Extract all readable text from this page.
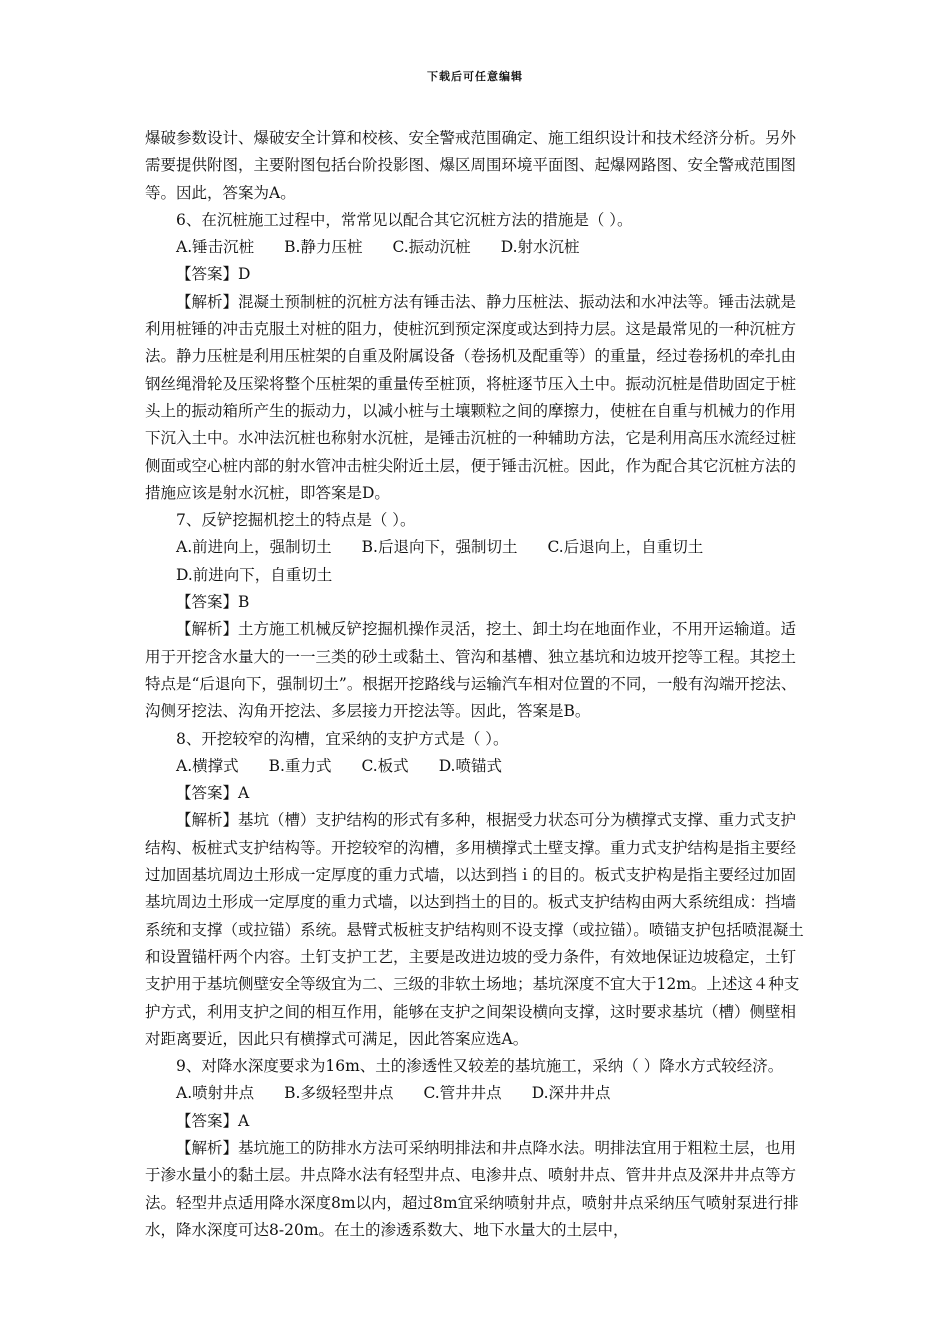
下载后可任意编辑

爆破参数设计、爆破安全计算和校核、安全警戒范围确定、施工组织设计和技术经济分析。另外需要提供附图，主要附图包括台阶投影图、爆区周围环境平面图、起爆网路图、安全警戒范围图等。因此，答案为A。

6、在沉桩施工过程中，常常见以配合其它沉桩方法的措施是（ ）。

A.锤击沉桩 B.静力压桩 C.振动沉桩 D.射水沉桩

【答案】D

【解析】混凝土预制桩的沉桩方法有锤击法、静力压桩法、振动法和水冲法等。锤击法就是利用桩锤的冲击克服土对桩的阻力，使桩沉到预定深度或达到持力层。这是最常见的一种沉桩方法。静力压桩是利用压桩架的自重及附属设备（卷扬机及配重等）的重量，经过卷扬机的牵扎由钢丝绳滑轮及压梁将整个压桩架的重量传至桩顶，将桩逐节压入土中。振动沉桩是借助固定于桩头上的振动箱所产生的振动力，以减小桩与土壤颗粒之间的摩擦力，使桩在自重与机械力的作用下沉入土中。水冲法沉桩也称射水沉桩，是锤击沉桩的一种辅助方法，它是利用高压水流经过桩侧面或空心桩内部的射水管冲击桩尖附近土层，便于锤击沉桩。因此，作为配合其它沉桩方法的措施应该是射水沉桩，即答案是D。

7、反铲挖掘机挖土的特点是（ ）。

A.前进向上，强制切土 B.后退向下，强制切土 C.后退向上，自重切土

D.前进向下，自重切土

【答案】B

【解析】土方施工机械反铲挖掘机操作灵活，挖土、卸土均在地面作业，不用开运输道。适用于开挖含水量大的一一三类的砂土或黏土、管沟和基槽、独立基坑和边坡开挖等工程。其挖土特点是“后退向下，强制切土”。根据开挖路线与运输汽车相对位置的不同，一般有沟端开挖法、沟侧牙挖法、沟角开挖法、多层接力开挖法等。因此，答案是B。

8、开挖较窄的沟槽，宜采纳的支护方式是（ ）。

A.横撑式 B.重力式 C.板式 D.喷锚式

【答案】A

【解析】基坑（槽）支护结构的形式有多种，根据受力状态可分为横撑式支撑、重力式支护结构、板桩式支护结构等。开挖较窄的沟槽，多用横撑式土壁支撑。重力式支护结构是指主要经过加固基坑周边土形成一定厚度的重力式墙，以达到挡ｉ的目的。板式支护构是指主要经过加固基坑周边土形成一定厚度的重力式墙，以达到挡土的目的。板式支护结构由两大系统组成：挡墙系统和支撑（或拉锚）系统。悬臂式板桩支护结构则不设支撑（或拉锚）。喷锚支护包括喷混凝土和设置锚杆两个内容。土钉支护工艺，主要是改进边坡的受力条件，有效地保证边坡稳定，土钉支护用于基坑侧壁安全等级宜为二、三级的非软土场地；基坑深度不宜大于12m。上述这４种支护方式，利用支护之间的相互作用，能够在支护之间架设横向支撑，这时要求基坑（槽）侧壁相对距离要近，因此只有横撑式可满足，因此答案应选A。

9、对降水深度要求为16m、土的渗透性又较差的基坑施工，采纳（ ）降水方式较经济。

A.喷射井点 B.多级轻型井点 C.管井井点 D.深井井点

【答案】A

【解析】基坑施工的防排水方法可采纳明排法和井点降水法。明排法宜用于粗粒土层，也用于渗水量小的黏土层。井点降水法有轻型井点、电渗井点、喷射井点、管井井点及深井井点等方法。轻型井点适用降水深度8m以内，超过8m宜采纳喷射井点，喷射井点采纳压气喷射泵进行排水，降水深度可达8-20m。在土的渗透系数大、地下水量大的土层中，
